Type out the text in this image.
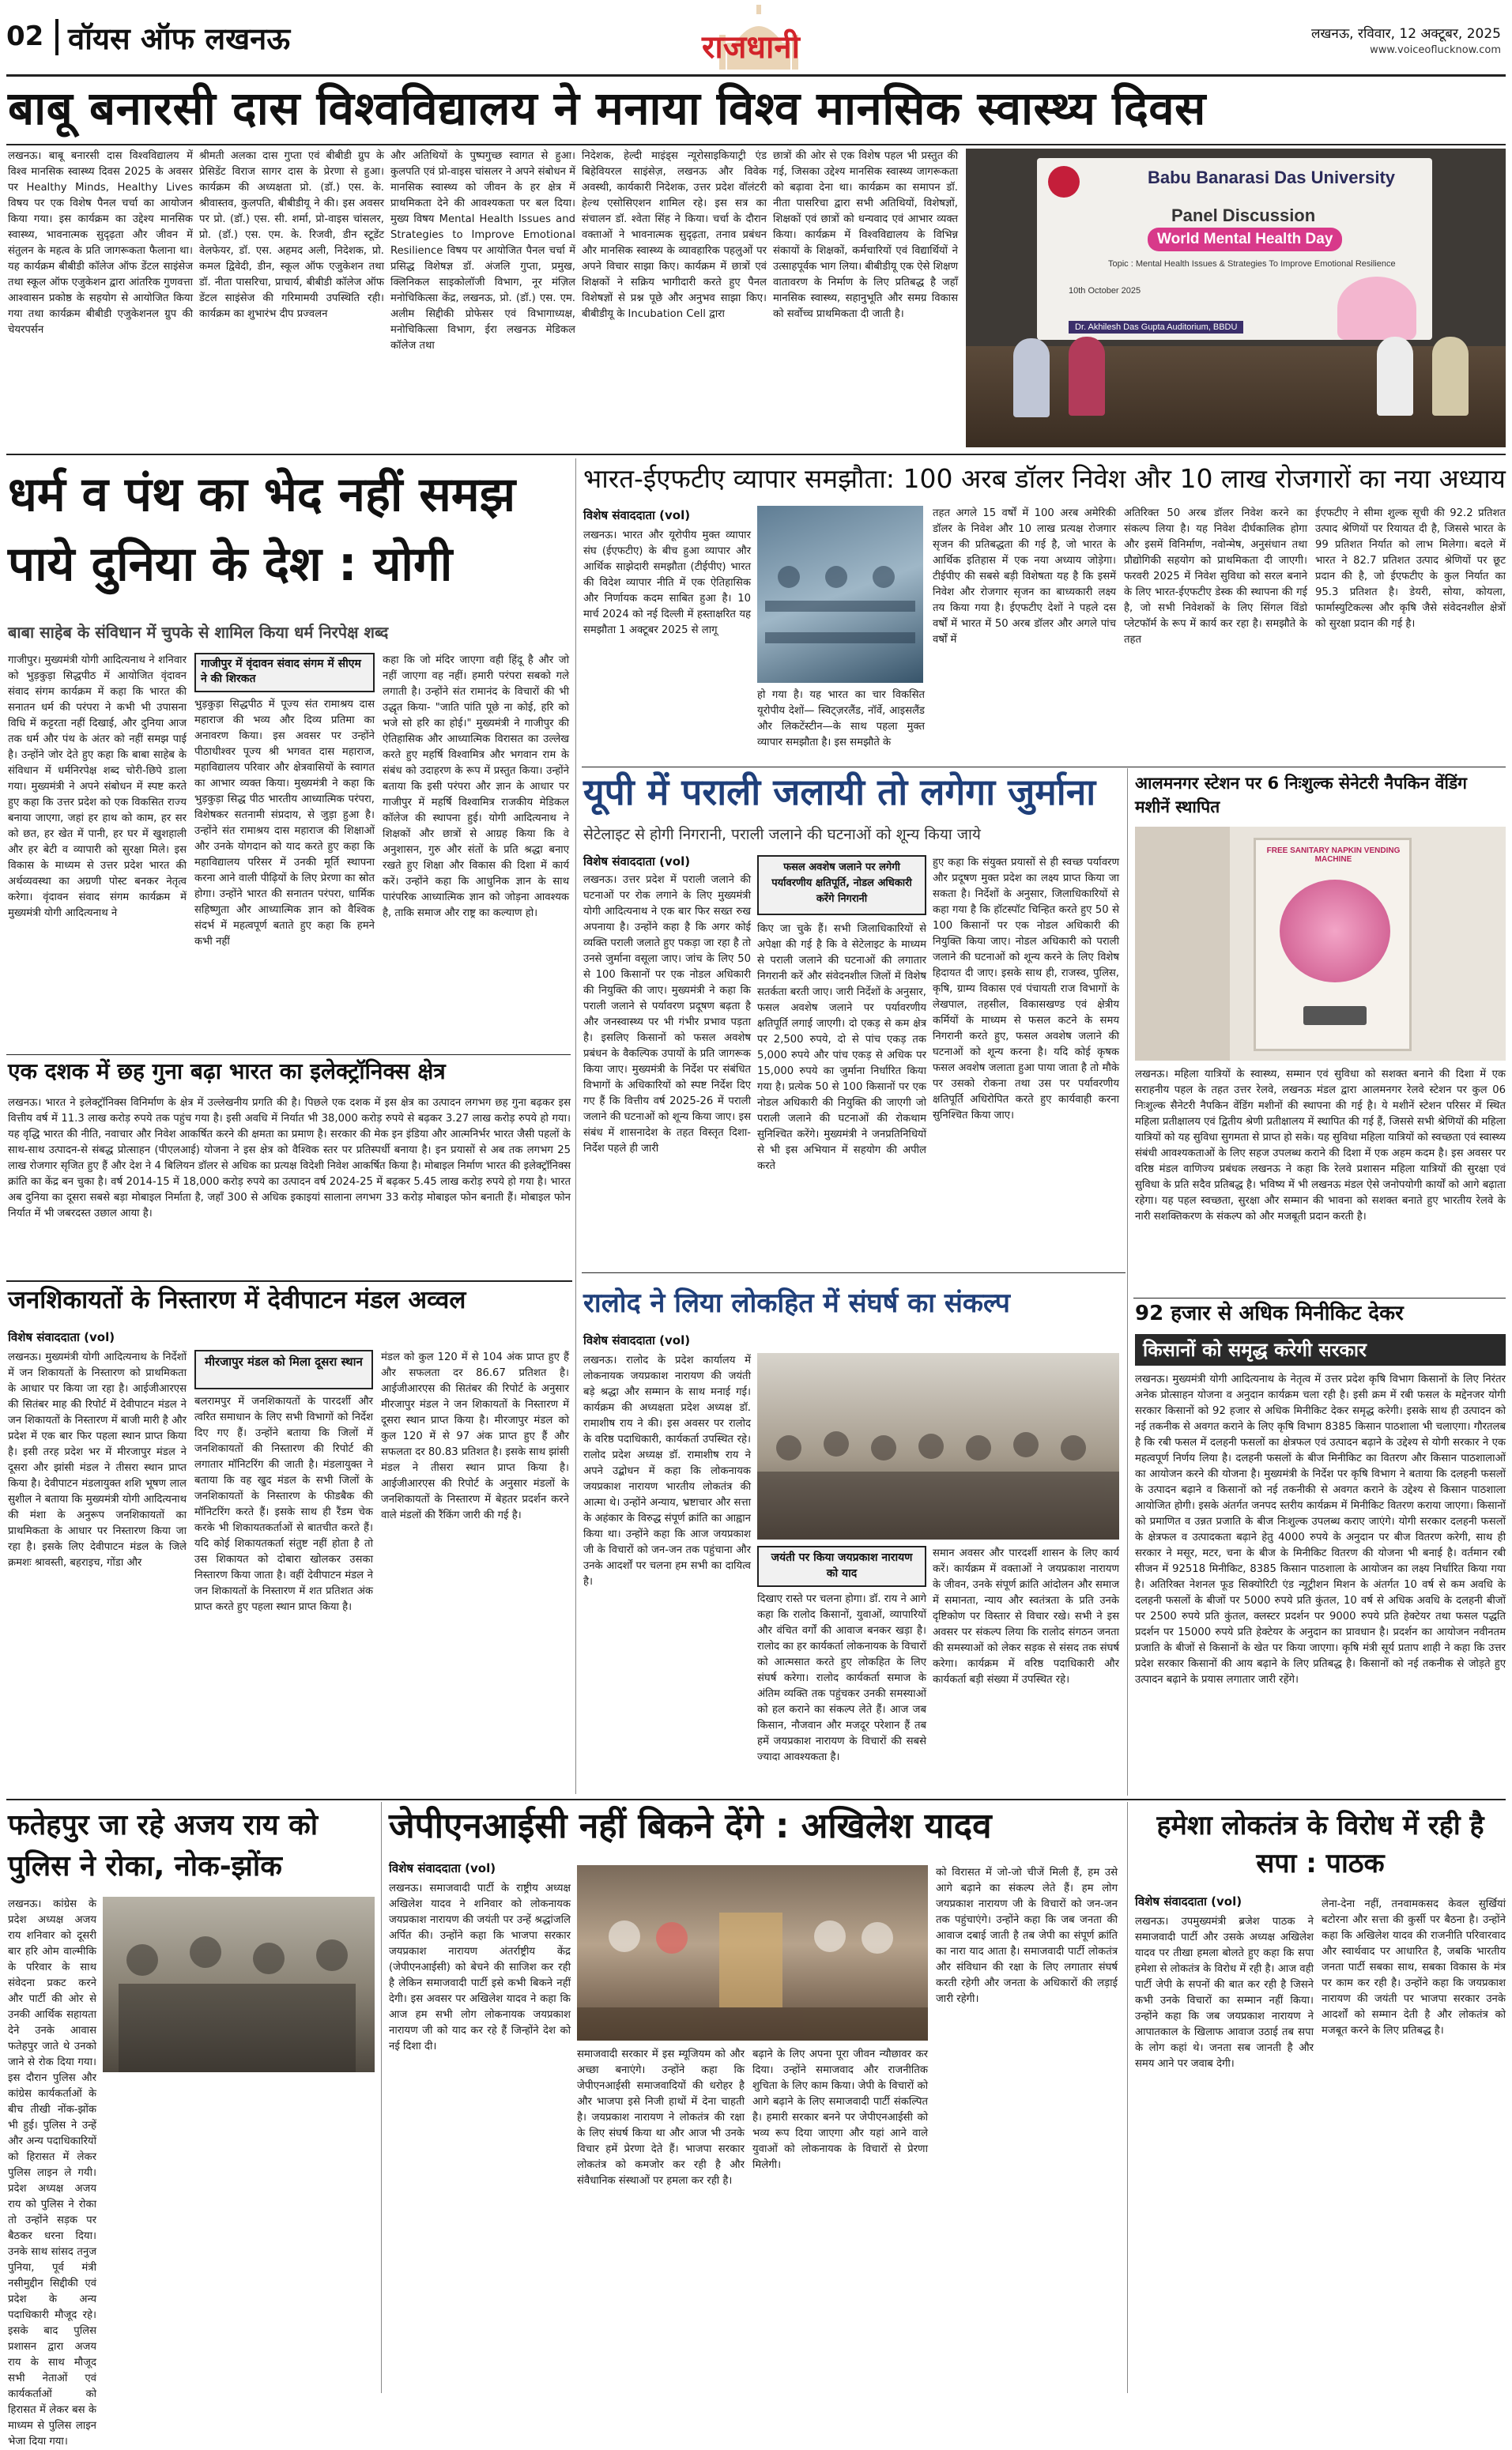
02 वॉयस ऑफ लखनऊ	राजधानी	लखनऊ, रविवार, 12 अक्टूबर, 2025
www.voiceoflucknow.com
बाबू बनारसी दास विश्वविद्यालय ने मनाया विश्व मानसिक स्वास्थ्य दिवस
लखनऊ। बाबू बनारसी दास विश्वविद्यालय में विश्व मानसिक स्वास्थ्य दिवस 2025 के अवसर पर Healthy Minds, Healthy Lives विषय पर एक विशेष पैनल चर्चा का आयोजन किया गया। इस कार्यक्रम का उद्देश्य मानसिक स्वास्थ्य, भावनात्मक सुदृढ़ता और जीवन में संतुलन के महत्व के प्रति जागरूकता फैलाना था। यह कार्यक्रम बीबीडी कॉलेज ऑफ डेंटल साइंसेज तथा स्कूल ऑफ एजुकेशन द्वारा आंतरिक गुणवत्ता आश्वासन प्रकोष्ठ के सहयोग से आयोजित किया गया तथा कार्यक्रम बीबीडी एजुकेशनल ग्रुप की चेयरपर्सन
श्रीमती अलका दास गुप्ता एवं बीबीडी ग्रुप के प्रेसिडेंट विराज सागर दास के प्रेरणा से हुआ। कार्यक्रम की अध्यक्षता प्रो. (डॉ.) एस. के. श्रीवास्तव, कुलपति, बीबीडीयू ने की। इस अवसर पर प्रो. (डॉ.) एस. सी. शर्मा, प्रो-वाइस चांसलर, प्रो. (डॉ.) एस. एम. के. रिजवी, डीन स्टूडेंट वेलफेयर, डॉ. एस. अहमद अली, निदेशक, प्रो. कमल द्विवेदी, डीन, स्कूल ऑफ एजुकेशन तथा डॉ. नीता पासरिचा, प्राचार्य, बीबीडी कॉलेज ऑफ डेंटल साइंसेज की गरिमामयी उपस्थिति रही। कार्यक्रम का शुभारंभ दीप प्रज्वलन
और अतिथियों के पुष्पगुच्छ स्वागत से हुआ। कुलपति एवं प्रो-वाइस चांसलर ने अपने संबोधन में मानसिक स्वास्थ्य को जीवन के हर क्षेत्र में प्राथमिकता देने की आवश्यकता पर बल दिया। मुख्य विषय Mental Health Issues and Strategies to Improve Emotional Resilience विषय पर आयोजित पैनल चर्चा में प्रसिद्ध विशेषज्ञ डॉ. अंजलि गुप्ता, प्रमुख, क्लिनिकल साइकोलॉजी विभाग, नूर मंज़िल मनोचिकित्सा केंद्र, लखनऊ, प्रो. (डॉ.) एस. एम. अलीम सिद्दीकी प्रोफेसर एवं विभागाध्यक्ष, मनोचिकित्सा विभाग, ईरा लखनऊ मेडिकल कॉलेज तथा
निदेशक, हेल्दी माइंड्स न्यूरोसाइकियाट्री एंड बिहेवियरल साइंसेज़, लखनऊ और विवेक अवस्थी, कार्यकारी निदेशक, उत्तर प्रदेश वॉलंटरी हेल्थ एसोसिएशन शामिल रहे। इस सत्र का संचालन डॉ. श्वेता सिंह ने किया। चर्चा के दौरान वक्ताओं ने भावनात्मक सुदृढ़ता, तनाव प्रबंधन और मानसिक स्वास्थ्य के व्यावहारिक पहलुओं पर अपने विचार साझा किए। कार्यक्रम में छात्रों एवं शिक्षकों ने सक्रिय भागीदारी करते हुए पैनल विशेषज्ञों से प्रश्न पूछे और अनुभव साझा किए। बीबीडीयू के Incubation Cell द्वारा
छात्रों की ओर से एक विशेष पहल भी प्रस्तुत की गई, जिसका उद्देश्य मानसिक स्वास्थ्य जागरूकता को बढ़ावा देना था। कार्यक्रम का समापन डॉ. नीता पासरिचा द्वारा सभी अतिथियों, विशेषज्ञों, शिक्षकों एवं छात्रों को धन्यवाद एवं आभार व्यक्त किया। कार्यक्रम में विश्वविद्यालय के विभिन्न संकायों के शिक्षकों, कर्मचारियों एवं विद्यार्थियों ने उत्साहपूर्वक भाग लिया। बीबीडीयू एक ऐसे शिक्षण वातावरण के निर्माण के लिए प्रतिबद्ध है जहाँ मानसिक स्वास्थ्य, सहानुभूति और समग्र विकास को सर्वोच्च प्राथमिकता दी जाती है।
Babu Banarasi Das University
Panel Discussion
World Mental Health Day
Topic : Mental Health Issues & Strategies To Improve Emotional Resilience
10th October 2025
Dr. Akhilesh Das Gupta Auditorium, BBDU
धर्म व पंथ का भेद नहीं समझ पाये दुनिया के देश : योगी
बाबा साहेब के संविधान में चुपके से शामिल किया धर्म निरपेक्ष शब्द
गाजीपुर। मुख्यमंत्री योगी आदित्यनाथ ने शनिवार को भुड़कुड़ा सिद्धपीठ में आयोजित वृंदावन संवाद संगम कार्यक्रम में कहा कि भारत की सनातन धर्म की परंपरा ने कभी भी उपासना विधि में कट्टरता नहीं दिखाई, और दुनिया आज तक धर्म और पंथ के अंतर को नहीं समझ पाई है। उन्होंने जोर देते हुए कहा कि बाबा साहेब के संविधान में धर्मनिरपेक्ष शब्द चोरी-छिपे डाला गया। मुख्यमंत्री ने अपने संबोधन में स्पष्ट करते हुए कहा कि उत्तर प्रदेश को एक विकसित राज्य बनाया जाएगा, जहां हर हाथ को काम, हर सर को छत, हर खेत में पानी, हर घर में खुशहाली और हर बेटी व व्यापारी को सुरक्षा मिले। इस विकास के माध्यम से उत्तर प्रदेश भारत की अर्थव्यवस्था का अग्रणी पोस्ट बनकर नेतृत्व करेगा। वृंदावन संवाद संगम कार्यक्रम में मुख्यमंत्री योगी आदित्यनाथ ने
गाजीपुर में वृंदावन संवाद संगम में सीएम ने की शिरकत
भुड़कुड़ा सिद्धपीठ में पूज्य संत रामाश्रय दास महाराज की भव्य और दिव्य प्रतिमा का अनावरण किया। इस अवसर पर उन्होंने पीठाधीश्वर पूज्य श्री भगवत दास महाराज, महाविद्यालय परिवार और क्षेत्रवासियों के स्वागत का आभार व्यक्त किया। मुख्यमंत्री ने कहा कि भुड़कुड़ा सिद्ध पीठ भारतीय आध्यात्मिक परंपरा, विशेषकर सतनामी संप्रदाय, से जुड़ा हुआ है। उन्होंने संत रामाश्रय दास महाराज की शिक्षाओं और उनके योगदान को याद करते हुए कहा कि महाविद्यालय परिसर में उनकी मूर्ति स्थापना करना आने वाली पीढ़ियों के लिए प्रेरणा का स्रोत होगा। उन्होंने भारत की सनातन परंपरा, धार्मिक सहिष्णुता और आध्यात्मिक ज्ञान को वैश्विक संदर्भ में महत्वपूर्ण बताते हुए कहा कि हमने कभी नहीं
कहा कि जो मंदिर जाएगा वही हिंदू है और जो नहीं जाएगा वह नहीं। हमारी परंपरा सबको गले लगाती है। उन्होंने संत रामानंद के विचारों की भी उद्धृत किया- "जाति पांति पूछे ना कोई, हरि को भजे सो हरि का होई।" मुख्यमंत्री ने गाजीपुर की ऐतिहासिक और आध्यात्मिक विरासत का उल्लेख करते हुए महर्षि विश्वामित्र और भगवान राम के संबंध को उदाहरण के रूप में प्रस्तुत किया। उन्होंने बताया कि इसी परंपरा और ज्ञान के आधार पर गाजीपुर में महर्षि विश्वामित्र राजकीय मेडिकल कॉलेज की स्थापना हुई। योगी आदित्यनाथ ने शिक्षकों और छात्रों से आग्रह किया कि वे अनुशासन, गुरु और संतों के प्रति श्रद्धा बनाए रखते हुए शिक्षा और विकास की दिशा में कार्य करें। उन्होंने कहा कि आधुनिक ज्ञान के साथ पारंपरिक आध्यात्मिक ज्ञान को जोड़ना आवश्यक है, ताकि समाज और राष्ट्र का कल्याण हो।
एक दशक में छह गुना बढ़ा भारत का इलेक्ट्रॉनिक्स क्षेत्र
लखनऊ। भारत ने इलेक्ट्रॉनिक्स विनिर्माण के क्षेत्र में उल्लेखनीय प्रगति की है। पिछले एक दशक में इस क्षेत्र का उत्पादन लगभग छह गुना बढ़कर इस वित्तीय वर्ष में 11.3 लाख करोड़ रुपये तक पहुंच गया है। इसी अवधि में निर्यात भी 38,000 करोड़ रुपये से बढ़कर 3.27 लाख करोड़ रुपये हो गया। यह वृद्धि भारत की नीति, नवाचार और निवेश आकर्षित करने की क्षमता का प्रमाण है। सरकार की मेक इन इंडिया और आत्मनिर्भर भारत जैसी पहलों के साथ-साथ उत्पादन-से संबद्ध प्रोत्साहन (पीएलआई) योजना ने इस क्षेत्र को वैश्विक स्तर पर प्रतिस्पर्धी बनाया है। इन प्रयासों से अब तक लगभग 25 लाख रोजगार सृजित हुए हैं और देश ने 4 बिलियन डॉलर से अधिक का प्रत्यक्ष विदेशी निवेश आकर्षित किया है। मोबाइल निर्माण भारत की इलेक्ट्रॉनिक्स क्रांति का केंद्र बन चुका है। वर्ष 2014-15 में 18,000 करोड़ रुपये का उत्पादन वर्ष 2024-25 में बढ़कर 5.45 लाख करोड़ रुपये हो गया है। भारत अब दुनिया का दूसरा सबसे बड़ा मोबाइल निर्माता है, जहाँ 300 से अधिक इकाइयां सालाना लगभग 33 करोड़ मोबाइल फोन बनाती हैं। मोबाइल फोन निर्यात में भी जबरदस्त उछाल आया है।
भारत-ईएफटीए व्यापार समझौता: 100 अरब डॉलर निवेश और 10 लाख रोजगारों का नया अध्याय
विशेष संवाददाता (vol)
लखनऊ। भारत और यूरोपीय मुक्त व्यापार संघ (ईएफटीए) के बीच हुआ व्यापार और आर्थिक साझेदारी समझौता (टीईपीए) भारत की विदेश व्यापार नीति में एक ऐतिहासिक और निर्णायक कदम साबित हुआ है। 10 मार्च 2024 को नई दिल्ली में हस्ताक्षरित यह समझौता 1 अक्टूबर 2025 से लागू
हो गया है। यह भारत का चार विकसित यूरोपीय देशों— स्विट्ज़रलैंड, नॉर्वे, आइसलैंड और लिकटेंस्टीन—के साथ पहला मुक्त व्यापार समझौता है। इस समझौते के
तहत अगले 15 वर्षों में 100 अरब अमेरिकी डॉलर के निवेश और 10 लाख प्रत्यक्ष रोजगार सृजन की प्रतिबद्धता की गई है, जो भारत के आर्थिक इतिहास में एक नया अध्याय जोड़ेगा। टीईपीए की सबसे बड़ी विशेषता यह है कि इसमें निवेश और रोजगार सृजन का बाध्यकारी लक्ष्य तय किया गया है। ईएफटीए देशों ने पहले दस वर्षों में भारत में 50 अरब डॉलर और अगले पांच वर्षों में
अतिरिक्त 50 अरब डॉलर निवेश करने का संकल्प लिया है। यह निवेश दीर्घकालिक होगा और इसमें विनिर्माण, नवोन्मेष, अनुसंधान तथा प्रौद्योगिकी सहयोग को प्राथमिकता दी जाएगी। फरवरी 2025 में निवेश सुविधा को सरल बनाने के लिए भारत-ईएफटीए डेस्क की स्थापना की गई है, जो सभी निवेशकों के लिए सिंगल विंडो प्लेटफॉर्म के रूप में कार्य कर रहा है। समझौते के तहत
ईएफटीए ने सीमा शुल्क सूची की 92.2 प्रतिशत उत्पाद श्रेणियों पर रियायत दी है, जिससे भारत के 99 प्रतिशत निर्यात को लाभ मिलेगा। बदले में भारत ने 82.7 प्रतिशत उत्पाद श्रेणियों पर छूट प्रदान की है, जो ईएफटीए के कुल निर्यात का 95.3 प्रतिशत है। डेयरी, सोया, कोयला, फार्मास्युटिकल्स और कृषि जैसे संवेदनशील क्षेत्रों को सुरक्षा प्रदान की गई है।
यूपी में पराली जलायी तो लगेगा जुर्माना
सेटेलाइट से होगी निगरानी, पराली जलाने की घटनाओं को शून्य किया जाये
विशेष संवाददाता (vol)
लखनऊ। उत्तर प्रदेश में पराली जलाने की घटनाओं पर रोक लगाने के लिए मुख्यमंत्री योगी आदित्यनाथ ने एक बार फिर सख्त रुख अपनाया है। उन्होंने कहा है कि अगर कोई व्यक्ति पराली जलाते हुए पकड़ा जा रहा है तो उनसे जुर्माना वसूला जाए। जांच के लिए 50 से 100 किसानों पर एक नोडल अधिकारी की नियुक्ति की जाए। मुख्यमंत्री ने कहा कि पराली जलाने से पर्यावरण प्रदूषण बढ़ता है और जनस्वास्थ्य पर भी गंभीर प्रभाव पड़ता है। इसलिए किसानों को फसल अवशेष प्रबंधन के वैकल्पिक उपायों के प्रति जागरूक किया जाए। मुख्यमंत्री के निर्देश पर संबंधित विभागों के अधिकारियों को स्पष्ट निर्देश दिए गए हैं कि वित्तीय वर्ष 2025-26 में पराली जलाने की घटनाओं को शून्य किया जाए। इस संबंध में शासनादेश के तहत विस्तृत दिशा-निर्देश पहले ही जारी
फसल अवशेष जलाने पर लगेगी पर्यावरणीय क्षतिपूर्ति, नोडल अधिकारी करेंगे निगरानी
किए जा चुके हैं। सभी जिलाधिकारियों से अपेक्षा की गई है कि वे सेटेलाइट के माध्यम से पराली जलाने की घटनाओं की लगातार निगरानी करें और संवेदनशील जिलों में विशेष सतर्कता बरती जाए। जारी निर्देशों के अनुसार, फसल अवशेष जलाने पर पर्यावरणीय क्षतिपूर्ति लगाई जाएगी। दो एकड़ से कम क्षेत्र पर 2,500 रुपये, दो से पांच एकड़ तक 5,000 रुपये और पांच एकड़ से अधिक पर 15,000 रुपये का जुर्माना निर्धारित किया गया है। प्रत्येक 50 से 100 किसानों पर एक नोडल अधिकारी की नियुक्ति की जाएगी जो पराली जलाने की घटनाओं की रोकथाम सुनिश्चित करेंगे। मुख्यमंत्री ने जनप्रतिनिधियों से भी इस अभियान में सहयोग की अपील करते
हुए कहा कि संयुक्त प्रयासों से ही स्वच्छ पर्यावरण और प्रदूषण मुक्त प्रदेश का लक्ष्य प्राप्त किया जा सकता है। निर्देशों के अनुसार, जिलाधिकारियों से कहा गया है कि हॉटस्पॉट चिन्हित करते हुए 50 से 100 किसानों पर एक नोडल अधिकारी की नियुक्ति किया जाए। नोडल अधिकारी को पराली जलाने की घटनाओं को शून्य करने के लिए विशेष हिदायत दी जाए। इसके साथ ही, राजस्व, पुलिस, कृषि, ग्राम्य विकास एवं पंचायती राज विभागों के लेखपाल, तहसील, विकासखण्ड एवं क्षेत्रीय कर्मियों के माध्यम से फसल कटने के समय निगरानी करते हुए, फसल अवशेष जलाने की घटनाओं को शून्य करना है। यदि कोई कृषक फसल अवशेष जलाता हुआ पाया जाता है तो मौके पर उसको रोकना तथा उस पर पर्यावरणीय क्षतिपूर्ति अधिरोपित करते हुए कार्यवाही करना सुनिश्चित किया जाए।
आलमनगर स्टेशन पर 6 निःशुल्क सेनेटरी नैपकिन वेंडिंग मशीनें स्थापित
FREE SANITARY NAPKIN VENDING MACHINE
लखनऊ। महिला यात्रियों के स्वास्थ्य, सम्मान एवं सुविधा को सशक्त बनाने की दिशा में एक सराहनीय पहल के तहत उत्तर रेलवे, लखनऊ मंडल द्वारा आलमनगर रेलवे स्टेशन पर कुल 06 निःशुल्क सैनेटरी नैपकिन वेंडिंग मशीनों की स्थापना की गई है। ये मशीनें स्टेशन परिसर में स्थित महिला प्रतीक्षालय एवं द्वितीय श्रेणी प्रतीक्षालय में स्थापित की गई हैं, जिससे सभी श्रेणियों की महिला यात्रियों को यह सुविधा सुगमता से प्राप्त हो सके। यह सुविधा महिला यात्रियों को स्वच्छता एवं स्वास्थ्य संबंधी आवश्यकताओं के लिए सहज उपलब्ध कराने की दिशा में एक अहम कदम है। इस अवसर पर वरिष्ठ मंडल वाणिज्य प्रबंधक लखनऊ ने कहा कि रेलवे प्रशासन महिला यात्रियों की सुरक्षा एवं सुविधा के प्रति सदैव प्रतिबद्ध है। भविष्य में भी लखनऊ मंडल ऐसे जनोपयोगी कार्यों को आगे बढ़ाता रहेगा। यह पहल स्वच्छता, सुरक्षा और सम्मान की भावना को सशक्त बनाते हुए भारतीय रेलवे के नारी सशक्तिकरण के संकल्प को और मजबूती प्रदान करती है।
92 हजार से अधिक मिनीकिट देकर
किसानों को समृद्ध करेगी सरकार
लखनऊ। मुख्यमंत्री योगी आदित्यनाथ के नेतृत्व में उत्तर प्रदेश कृषि विभाग किसानों के लिए निरंतर अनेक प्रोत्साहन योजना व अनुदान कार्यक्रम चला रही है। इसी क्रम में रबी फसल के मद्देनजर योगी सरकार किसानों को 92 हजार से अधिक मिनीकिट देकर समृद्ध करेगी। इसके साथ ही उत्पादन को नई तकनीक से अवगत कराने के लिए कृषि विभाग 8385 किसान पाठशाला भी चलाएगा। गौरतलब है कि रबी फसल में दलहनी फसलों का क्षेत्रफल एवं उत्पादन बढ़ाने के उद्देश्य से योगी सरकार ने एक महत्वपूर्ण निर्णय लिया है। दलहनी फसलों के बीज मिनीकिट का वितरण और किसान पाठशालाओं का आयोजन करने की योजना है। मुख्यमंत्री के निर्देश पर कृषि विभाग ने बताया कि दलहनी फसलों के उत्पादन बढ़ाने व किसानों को नई तकनीकी से अवगत कराने के उद्देश्य से किसान पाठशाला आयोजित होगी। इसके अंतर्गत जनपद स्तरीय कार्यक्रम में मिनीकिट वितरण कराया जाएगा। किसानों को प्रमाणित व उन्नत प्रजाति के बीज निःशुल्क उपलब्ध कराए जाएंगे। योगी सरकार दलहनी फसलों के क्षेत्रफल व उत्पादकता बढ़ाने हेतु 4000 रुपये के अनुदान पर बीज वितरण करेगी, साथ ही सरकार ने मसूर, मटर, चना के बीज के मिनीकिट वितरण की योजना भी बनाई है। वर्तमान रबी सीजन में 92518 मिनीकिट, 8385 किसान पाठशाला के आयोजन का लक्ष्य निर्धारित किया गया है। अतिरिक्त नेशनल फूड सिक्योरिटी एंड न्यूट्रीशन मिशन के अंतर्गत 10 वर्ष से कम अवधि के दलहनी फसलों के बीजों पर 5000 रुपये प्रति कुंतल, 10 वर्ष से अधिक अवधि के दलहनी बीजों पर 2500 रुपये प्रति कुंतल, क्लस्टर प्रदर्शन पर 9000 रुपये प्रति हेक्टेयर तथा फसल पद्धति प्रदर्शन पर 15000 रुपये प्रति हेक्टेयर के अनुदान का प्रावधान है। प्रदर्शन का आयोजन नवीनतम प्रजाति के बीजों से किसानों के खेत पर किया जाएगा। कृषि मंत्री सूर्य प्रताप शाही ने कहा कि उत्तर प्रदेश सरकार किसानों की आय बढ़ाने के लिए प्रतिबद्ध है। किसानों को नई तकनीक से जोड़ते हुए उत्पादन बढ़ाने के प्रयास लगातार जारी रहेंगे।
जनशिकायतों के निस्तारण में देवीपाटन मंडल अव्वल
विशेष संवाददाता (vol)
लखनऊ। मुख्यमंत्री योगी आदित्यनाथ के निर्देशों में जन शिकायतों के निस्तारण को प्राथमिकता के आधार पर किया जा रहा है। आईजीआरएस की सितंबर माह की रिपोर्ट में देवीपाटन मंडल ने जन शिकायतों के निस्तारण में बाजी मारी है और प्रदेश में एक बार फिर पहला स्थान प्राप्त किया है। इसी तरह प्रदेश भर में मीरजापुर मंडल ने दूसरा और झांसी मंडल ने तीसरा स्थान प्राप्त किया है। देवीपाटन मंडलायुक्त शशि भूषण लाल सुशील ने बताया कि मुख्यमंत्री योगी आदित्यनाथ की मंशा के अनुरूप जनशिकायतों का प्राथमिकता के आधार पर निस्तारण किया जा रहा है। इसके लिए देवीपाटन मंडल के जिले क्रमशः श्रावस्ती, बहराइच, गोंडा और
मीरजापुर मंडल को मिला दूसरा स्थान
बलरामपुर में जनशिकायतों के पारदर्शी और त्वरित समाधान के लिए सभी विभागों को निर्देश दिए गए हैं। उन्होंने बताया कि जिलों में जनशिकायतों की निस्तारण की रिपोर्ट की लगातार मॉनिटरिंग की जाती है। मंडलायुक्त ने बताया कि वह खुद मंडल के सभी जिलों के जनशिकायतों के निस्तारण के फीडबैक की मॉनिटरिंग करते हैं। इसके साथ ही रैंडम चेक करके भी शिकायतकर्ताओं से बातचीत करते हैं। यदि कोई शिकायतकर्ता संतुष्ट नहीं होता है तो उस शिकायत को दोबारा खोलकर उसका निस्तारण किया जाता है। वहीं देवीपाटन मंडल ने जन शिकायतों के निस्तारण में शत प्रतिशत अंक प्राप्त करते हुए पहला स्थान प्राप्त किया है।
मंडल को कुल 120 में से 104 अंक प्राप्त हुए हैं और सफलता दर 86.67 प्रतिशत है। आईजीआरएस की सितंबर की रिपोर्ट के अनुसार मीरजापुर मंडल ने जन शिकायतों के निस्तारण में दूसरा स्थान प्राप्त किया है। मीरजापुर मंडल को कुल 120 में से 97 अंक प्राप्त हुए हैं और सफलता दर 80.83 प्रतिशत है। इसके साथ झांसी मंडल ने तीसरा स्थान प्राप्त किया है। आईजीआरएस की रिपोर्ट के अनुसार मंडलों के जनशिकायतों के निस्तारण में बेहतर प्रदर्शन करने वाले मंडलों की रैंकिंग जारी की गई है।
रालोद ने लिया लोकहित में संघर्ष का संकल्प
विशेष संवाददाता (vol)
लखनऊ। रालोद के प्रदेश कार्यालय में लोकनायक जयप्रकाश नारायण की जयंती बड़े श्रद्धा और सम्मान के साथ मनाई गई। कार्यक्रम की अध्यक्षता प्रदेश अध्यक्ष डॉ. रामाशीष राय ने की। इस अवसर पर रालोद के वरिष्ठ पदाधिकारी, कार्यकर्ता उपस्थित रहे। रालोद प्रदेश अध्यक्ष डॉ. रामाशीष राय ने अपने उद्बोधन में कहा कि लोकनायक जयप्रकाश नारायण भारतीय लोकतंत्र की आत्मा थे। उन्होंने अन्याय, भ्रष्टाचार और सत्ता के अहंकार के विरुद्ध संपूर्ण क्रांति का आह्वान किया था। उन्होंने कहा कि आज जयप्रकाश जी के विचारों को जन-जन तक पहुंचाना और उनके आदर्शों पर चलना हम सभी का दायित्व है।
जयंती पर किया जयप्रकाश नारायण को याद
दिखाए रास्ते पर चलना होगा। डॉ. राय ने आगे कहा कि रालोद किसानों, युवाओं, व्यापारियों और वंचित वर्गों की आवाज बनकर खड़ा है। रालोद का हर कार्यकर्ता लोकनायक के विचारों को आत्मसात करते हुए लोकहित के लिए संघर्ष करेगा। रालोद कार्यकर्ता समाज के अंतिम व्यक्ति तक पहुंचकर उनकी समस्याओं को हल कराने का संकल्प लेते हैं। आज जब किसान, नौजवान और मजदूर परेशान हैं तब हमें जयप्रकाश नारायण के विचारों की सबसे ज्यादा आवश्यकता है।
समान अवसर और पारदर्शी शासन के लिए कार्य करें। कार्यक्रम में वक्ताओं ने जयप्रकाश नारायण के जीवन, उनके संपूर्ण क्रांति आंदोलन और समाज में समानता, न्याय और स्वतंत्रता के प्रति उनके दृष्टिकोण पर विस्तार से विचार रखे। सभी ने इस अवसर पर संकल्प लिया कि रालोद संगठन जनता की समस्याओं को लेकर सड़क से संसद तक संघर्ष करेगा। कार्यक्रम में वरिष्ठ पदाधिकारी और कार्यकर्ता बड़ी संख्या में उपस्थित रहे।
फतेहपुर जा रहे अजय राय को पुलिस ने रोका, नोक-झोंक
लखनऊ। कांग्रेस के प्रदेश अध्यक्ष अजय राय शनिवार को दूसरी बार हरि ओम वाल्मीकि के परिवार के साथ संवेदना प्रकट करने और पार्टी की ओर से उनकी आर्थिक सहायता देने उनके आवास फतेहपुर जाते थे उनको जाने से रोक दिया गया। इस दौरान पुलिस और कांग्रेस कार्यकर्ताओं के बीच तीखी नोंक-झोंक भी हुई। पुलिस ने उन्हें और अन्य पदाधिकारियों को हिरासत में लेकर पुलिस लाइन ले गयी। प्रदेश अध्यक्ष अजय राय को पुलिस ने रोका तो उन्होंने सड़क पर बैठकर धरना दिया। उनके साथ सांसद तनुज पुनिया, पूर्व मंत्री नसीमुद्दीन सिद्दीकी एवं प्रदेश के अन्य पदाधिकारी मौजूद रहे। इसके बाद पुलिस प्रशासन द्वारा अजय राय के साथ मौजूद सभी नेताओं एवं कार्यकर्ताओं को हिरासत में लेकर बस के माध्यम से पुलिस लाइन भेजा दिया गया।
जेपीएनआईसी नहीं बिकने देंगे : अखिलेश यादव
विशेष संवाददाता (vol)
लखनऊ। समाजवादी पार्टी के राष्ट्रीय अध्यक्ष अखिलेश यादव ने शनिवार को लोकनायक जयप्रकाश नारायण की जयंती पर उन्हें श्रद्धांजलि अर्पित की। उन्होंने कहा कि भाजपा सरकार जयप्रकाश नारायण अंतर्राष्ट्रीय केंद्र (जेपीएनआईसी) को बेचने की साजिश कर रही है लेकिन समाजवादी पार्टी इसे कभी बिकने नहीं देगी। इस अवसर पर अखिलेश यादव ने कहा कि आज हम सभी लोग लोकनायक जयप्रकाश नारायण जी को याद कर रहे हैं जिन्होंने देश को नई दिशा दी।
समाजवादी सरकार में इस म्यूजियम को और अच्छा बनाएंगे। उन्होंने कहा कि जेपीएनआईसी समाजवादियों की धरोहर है और भाजपा इसे निजी हाथों में देना चाहती है। जयप्रकाश नारायण ने लोकतंत्र की रक्षा के लिए संघर्ष किया था और आज भी उनके विचार हमें प्रेरणा देते हैं। भाजपा सरकार लोकतंत्र को कमजोर कर रही है और संवैधानिक संस्थाओं पर हमला कर रही है।
बढ़ाने के लिए अपना पूरा जीवन न्यौछावर कर दिया। उन्होंने समाजवाद और राजनीतिक शुचिता के लिए काम किया। जेपी के विचारों को आगे बढ़ाने के लिए समाजवादी पार्टी संकल्पित है। हमारी सरकार बनने पर जेपीएनआईसी को भव्य रूप दिया जाएगा और यहां आने वाले युवाओं को लोकनायक के विचारों से प्रेरणा मिलेगी।
को विरासत में जो-जो चीजें मिली हैं, हम उसे आगे बढ़ाने का संकल्प लेते हैं। हम लोग जयप्रकाश नारायण जी के विचारों को जन-जन तक पहुंचाएंगे। उन्होंने कहा कि जब जनता की आवाज दबाई जाती है तब जेपी का संपूर्ण क्रांति का नारा याद आता है। समाजवादी पार्टी लोकतंत्र और संविधान की रक्षा के लिए लगातार संघर्ष करती रहेगी और जनता के अधिकारों की लड़ाई जारी रहेगी।
हमेशा लोकतंत्र के विरोध में रही है सपा : पाठक
विशेष संवाददाता (vol)
लखनऊ। उपमुख्यमंत्री ब्रजेश पाठक ने समाजवादी पार्टी और उसके अध्यक्ष अखिलेश यादव पर तीखा हमला बोलते हुए कहा कि सपा हमेशा से लोकतंत्र के विरोध में रही है। आज वही पार्टी जेपी के सपनों की बात कर रही है जिसने कभी उनके विचारों का सम्मान नहीं किया। उन्होंने कहा कि जब जयप्रकाश नारायण ने आपातकाल के खिलाफ आवाज उठाई तब सपा के लोग कहां थे। जनता सब जानती है और समय आने पर जवाब देगी।
लेना-देना नहीं, तनवामकसद केवल सुर्खियां बटोरना और सत्ता की कुर्सी पर बैठना है। उन्होंने कहा कि अखिलेश यादव की राजनीति परिवारवाद और स्वार्थवाद पर आधारित है, जबकि भारतीय जनता पार्टी सबका साथ, सबका विकास के मंत्र पर काम कर रही है। उन्होंने कहा कि जयप्रकाश नारायण की जयंती पर भाजपा सरकार उनके आदर्शों को सम्मान देती है और लोकतंत्र को मजबूत करने के लिए प्रतिबद्ध है।
